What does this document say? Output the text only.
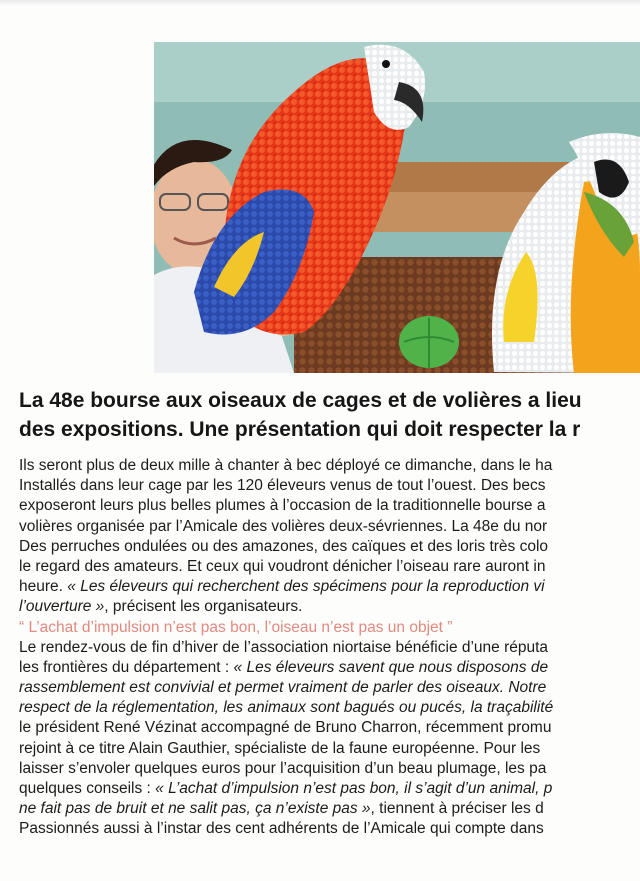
La 48e bourse aux oiseaux de cages et de volières a lieu
des expositions. Une présentation qui doit respecter la r
Ils seront plus de deux mille à chanter à bec déployé ce dimanche, dans le ha
Installés dans leur cage par les 120 éleveurs venus de tout l’ouest. Des becs
exposeront leurs plus belles plumes à l’occasion de la traditionnelle bourse a
volières organisée par l’Amicale des volières deux-sévriennes. La 48e du nor
Des perruches ondulées ou des amazones, des caïques et des loris très colo
le regard des amateurs. Et ceux qui voudront dénicher l’oiseau rare auront in
heure. « Les éleveurs qui recherchent des spécimens pour la reproduction vi
l’ouverture », précisent les organisateurs.
“ L’achat d’impulsion n’est pas bon, l’oiseau n’est pas un objet ”
Le rendez-vous de fin d’hiver de l’association niortaise bénéficie d’une réputa
les frontières du département : « Les éleveurs savent que nous disposons de
rassemblement est convivial et permet vraiment de parler des oiseaux. Notre
respect de la réglementation, les animaux sont bagués ou pucés, la traçabilité
le président René Vézinat accompagné de Bruno Charron, récemment promu
rejoint à ce titre Alain Gauthier, spécialiste de la faune européenne. Pour les
laisser s’envoler quelques euros pour l’acquisition d’un beau plumage, les pa
quelques conseils : « L’achat d’impulsion n’est pas bon, il s’agit d’un animal, p
ne fait pas de bruit et ne salit pas, ça n’existe pas », tiennent à préciser les d
Passionnés aussi à l’instar des cent adhérents de l’Amicale qui compte dans
